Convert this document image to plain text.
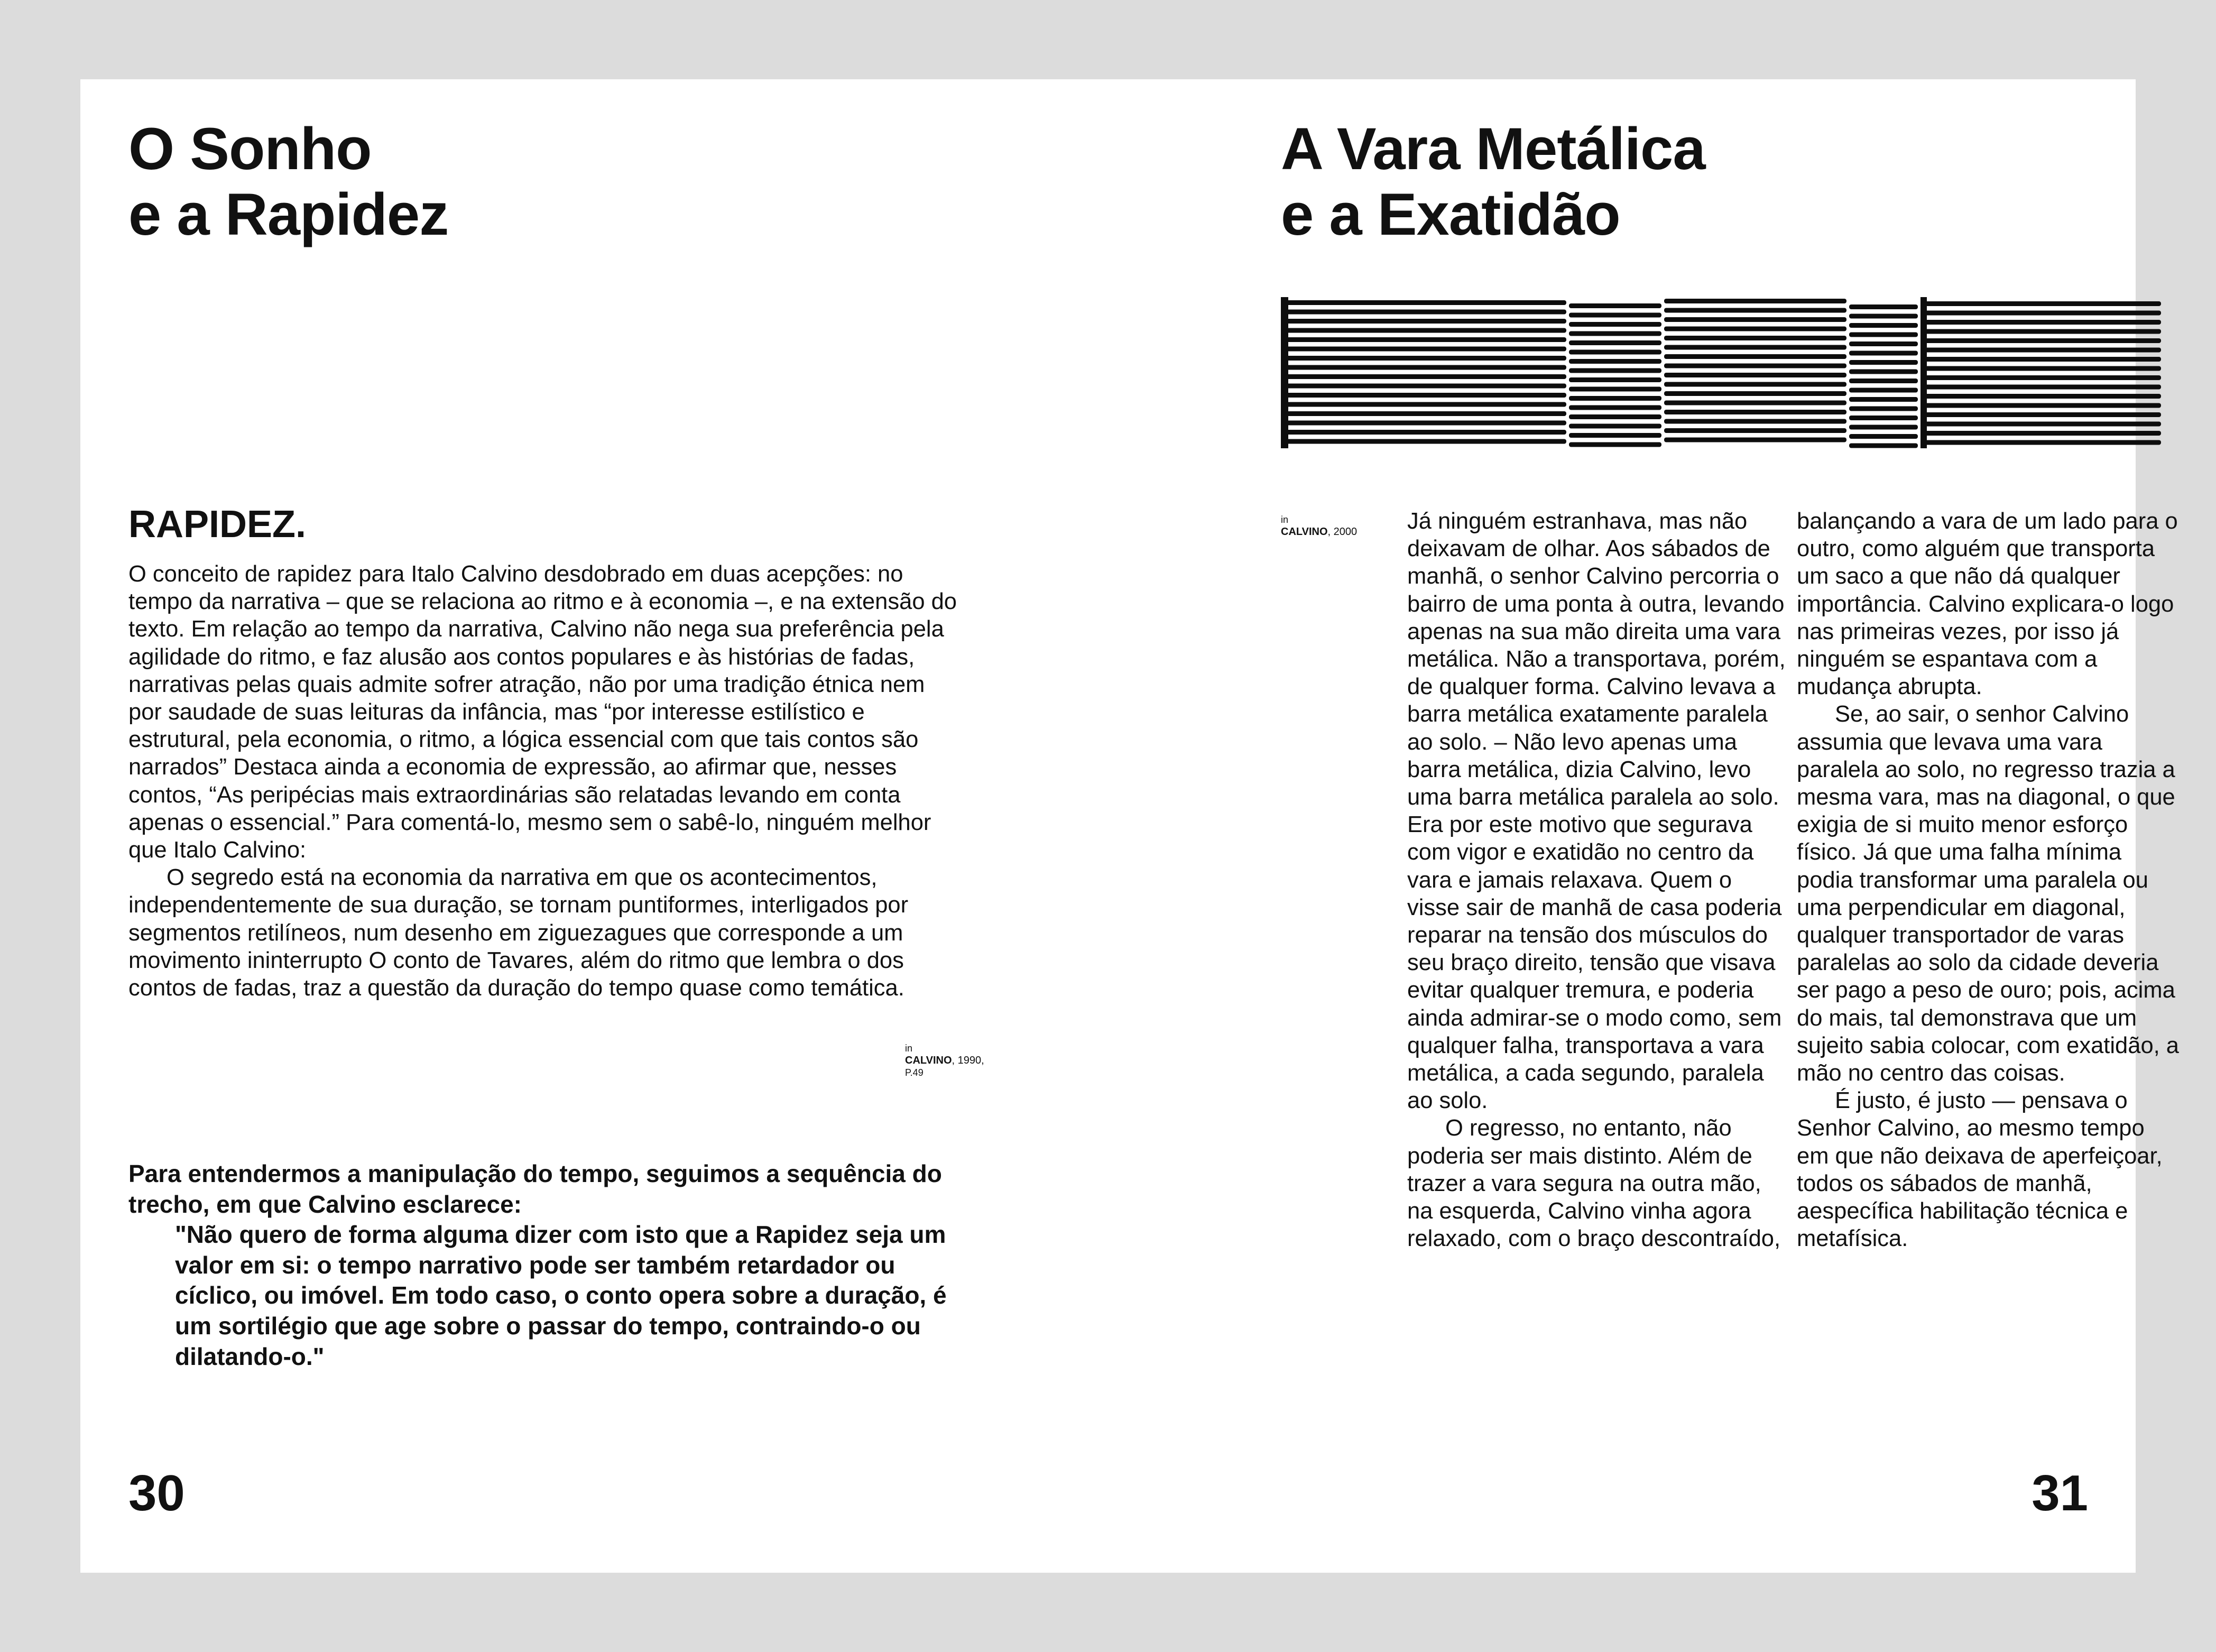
O Sonho
e a Rapidez
RAPIDEZ.

O conceito de rapidez para Italo Calvino desdobrado em duas acepções: no tempo da narrativa – que se relaciona ao ritmo e à economia –, e na extensão do texto. Em relação ao tempo da narrativa, Calvino não nega sua preferência pela agilidade do ritmo, e faz alusão aos contos populares e às histórias de fadas, narrativas pelas quais admite sofrer atração, não por uma tradição étnica nem por saudade de suas leituras da infância, mas “por interesse estilístico e estrutural, pela economia, o ritmo, a lógica essencial com que tais contos são narrados” Destaca ainda a economia de expressão, ao afirmar que, nesses contos, “As peripécias mais extraordinárias são relatadas levando em conta apenas o essencial.” Para comentá-lo, mesmo sem o sabê-lo, ninguém melhor que Italo Calvino:

O segredo está na economia da narrativa em que os acontecimentos, independentemente de sua duração, se tornam puntiformes, interligados por segmentos retilíneos, num desenho em ziguezagues que corresponde a um movimento ininterrupto O conto de Tavares, além do ritmo que lembra o dos contos de fadas, traz a questão da duração do tempo quase como temática.

in
CALVINO, 1990,
P.49

Para entendermos a manipulação do tempo, seguimos a sequência do trecho, em que Calvino esclarece:

"Não quero de forma alguma dizer com isto que a Rapidez seja um valor em si: o tempo narrativo pode ser também retardador ou cíclico, ou imóvel. Em todo caso, o conto opera sobre a duração, é um sortilégio que age sobre o passar do tempo, contraindo-o ou dilatando-o."

30
A Vara Metálica
e a Exatidão
in
CALVINO, 2000	Já ninguém estranhava, mas não deixavam de olhar. Aos sábados de manhã, o senhor Calvino percorria o bairro de uma ponta à outra, levando apenas na sua mão direita uma vara metálica. Não a transportava, porém, de qualquer forma. Calvino levava a barra metálica exatamente paralela ao solo. – Não levo apenas uma barra metálica, dizia Calvino, levo uma barra metálica paralela ao solo. Era por este motivo que segurava com vigor e exatidão no centro da vara e jamais relaxava. Quem o visse sair de manhã de casa poderia reparar na tensão dos músculos do seu braço direito, tensão que visava evitar qualquer tremura, e poderia ainda admirar-se o modo como, sem qualquer falha, transportava a vara metálica, a cada segundo, paralela ao solo.

O regresso, no entanto, não poderia ser mais distinto. Além de trazer a vara segura na outra mão, na esquerda, Calvino vinha agora relaxado, com o braço descontraído,

balançando a vara de um lado para o outro, como alguém que transporta um saco a que não dá qualquer importância. Calvino explicara-o logo nas primeiras vezes, por isso já ninguém se espantava com a mudança abrupta.

Se, ao sair, o senhor Calvino assumia que levava uma vara paralela ao solo, no regresso trazia a mesma vara, mas na diagonal, o que exigia de si muito menor esforço físico. Já que uma falha mínima podia transformar uma paralela ou uma perpendicular em diagonal, qualquer transportador de varas paralelas ao solo da cidade deveria ser pago a peso de ouro; pois, acima do mais, tal demonstrava que um sujeito sabia colocar, com exatidão, a mão no centro das coisas.

É justo, é justo — pensava o Senhor Calvino, ao mesmo tempo em que não deixava de aperfeiçoar, todos os sábados de manhã, aespecífica habilitação técnica e metafísica.

31
